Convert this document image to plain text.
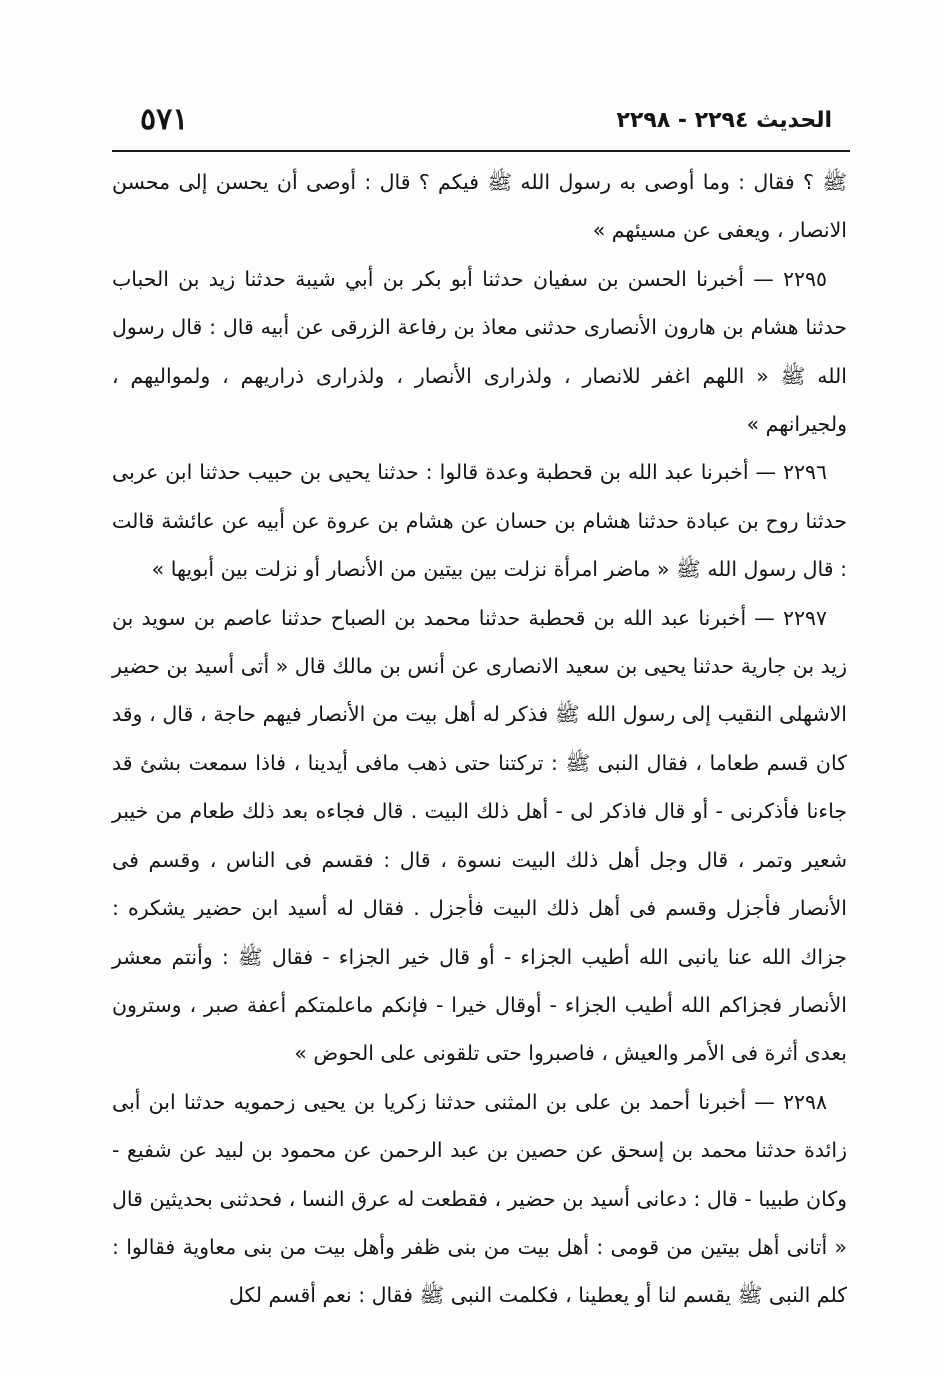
٥٧١	الحديث ٢٢٩٤ - ٢٢٩٨

ﷺ ؟ فقال : وما أوصى به رسول الله ﷺ فيكم ؟ قال : أوصى أن يحسن إلى محسن الانصار ، ويعفى عن مسيئهم »

٢٢٩٥ — أخبرنا الحسن بن سفيان حدثنا أبو بكر بن أبي شيبة حدثنا زيد بن الحباب حدثنا هشام بن هارون الأنصارى حدثنى معاذ بن رفاعة الزرقى عن أبيه قال : قال رسول الله ﷺ « اللهم اغفر للانصار ، ولذرارى الأنصار ، ولذرارى ذراريهم ، ولمواليهم ، ولجيرانهم »

٢٢٩٦ — أخبرنا عبد الله بن قحطبة وعدة قالوا : حدثنا يحيى بن حبيب حدثنا ابن عربى حدثنا روح بن عبادة حدثنا هشام بن حسان عن هشام بن عروة عن أبيه عن عائشة قالت : قال رسول الله ﷺ « ماضر امرأة نزلت بين بيتين من الأنصار أو نزلت بين أبويها »

٢٢٩٧ — أخبرنا عبد الله بن قحطبة حدثنا محمد بن الصباح حدثنا عاصم بن سويد بن زيد بن جارية حدثنا يحيى بن سعيد الانصارى عن أنس بن مالك قال « أتى أسيد بن حضير الاشهلى النقيب إلى رسول الله ﷺ فذكر له أهل بيت من الأنصار فيهم حاجة ، قال ، وقد كان قسم طعاما ، فقال النبى ﷺ : تركتنا حتى ذهب مافى أيدينا ، فاذا سمعت بشئ قد جاءنا فأذكرنى - أو قال فاذكر لى - أهل ذلك البيت . قال فجاءه بعد ذلك طعام من خيبر شعير وتمر ، قال وجل أهل ذلك البيت نسوة ، قال : فقسم فى الناس ، وقسم فى الأنصار فأجزل وقسم فى أهل ذلك البيت فأجزل . فقال له أسيد ابن حضير يشكره : جزاك الله عنا يانبى الله أطيب الجزاء - أو قال خير الجزاء - فقال ﷺ : وأنتم معشر الأنصار فجزاكم الله أطيب الجزاء - أوقال خيرا - فإنكم ماعلمتكم أعفة صبر ، وسترون بعدى أثرة فى الأمر والعيش ، فاصبروا حتى تلقونى على الحوض »

٢٢٩٨ — أخبرنا أحمد بن على بن المثنى حدثنا زكريا بن يحيى زحمويه حدثنا ابن أبى زائدة حدثنا محمد بن إسحق عن حصين بن عبد الرحمن عن محمود بن لبيد عن شفيع - وكان طبيبا - قال : دعانى أسيد بن حضير ، فقطعت له عرق النسا ، فحدثنى بحديثين قال « أتانى أهل بيتين من قومى : أهل بيت من بنى ظفر وأهل بيت من بنى معاوية فقالوا : كلم النبى ﷺ يقسم لنا أو يعطينا ، فكلمت النبى ﷺ فقال : نعم أقسم لكل
